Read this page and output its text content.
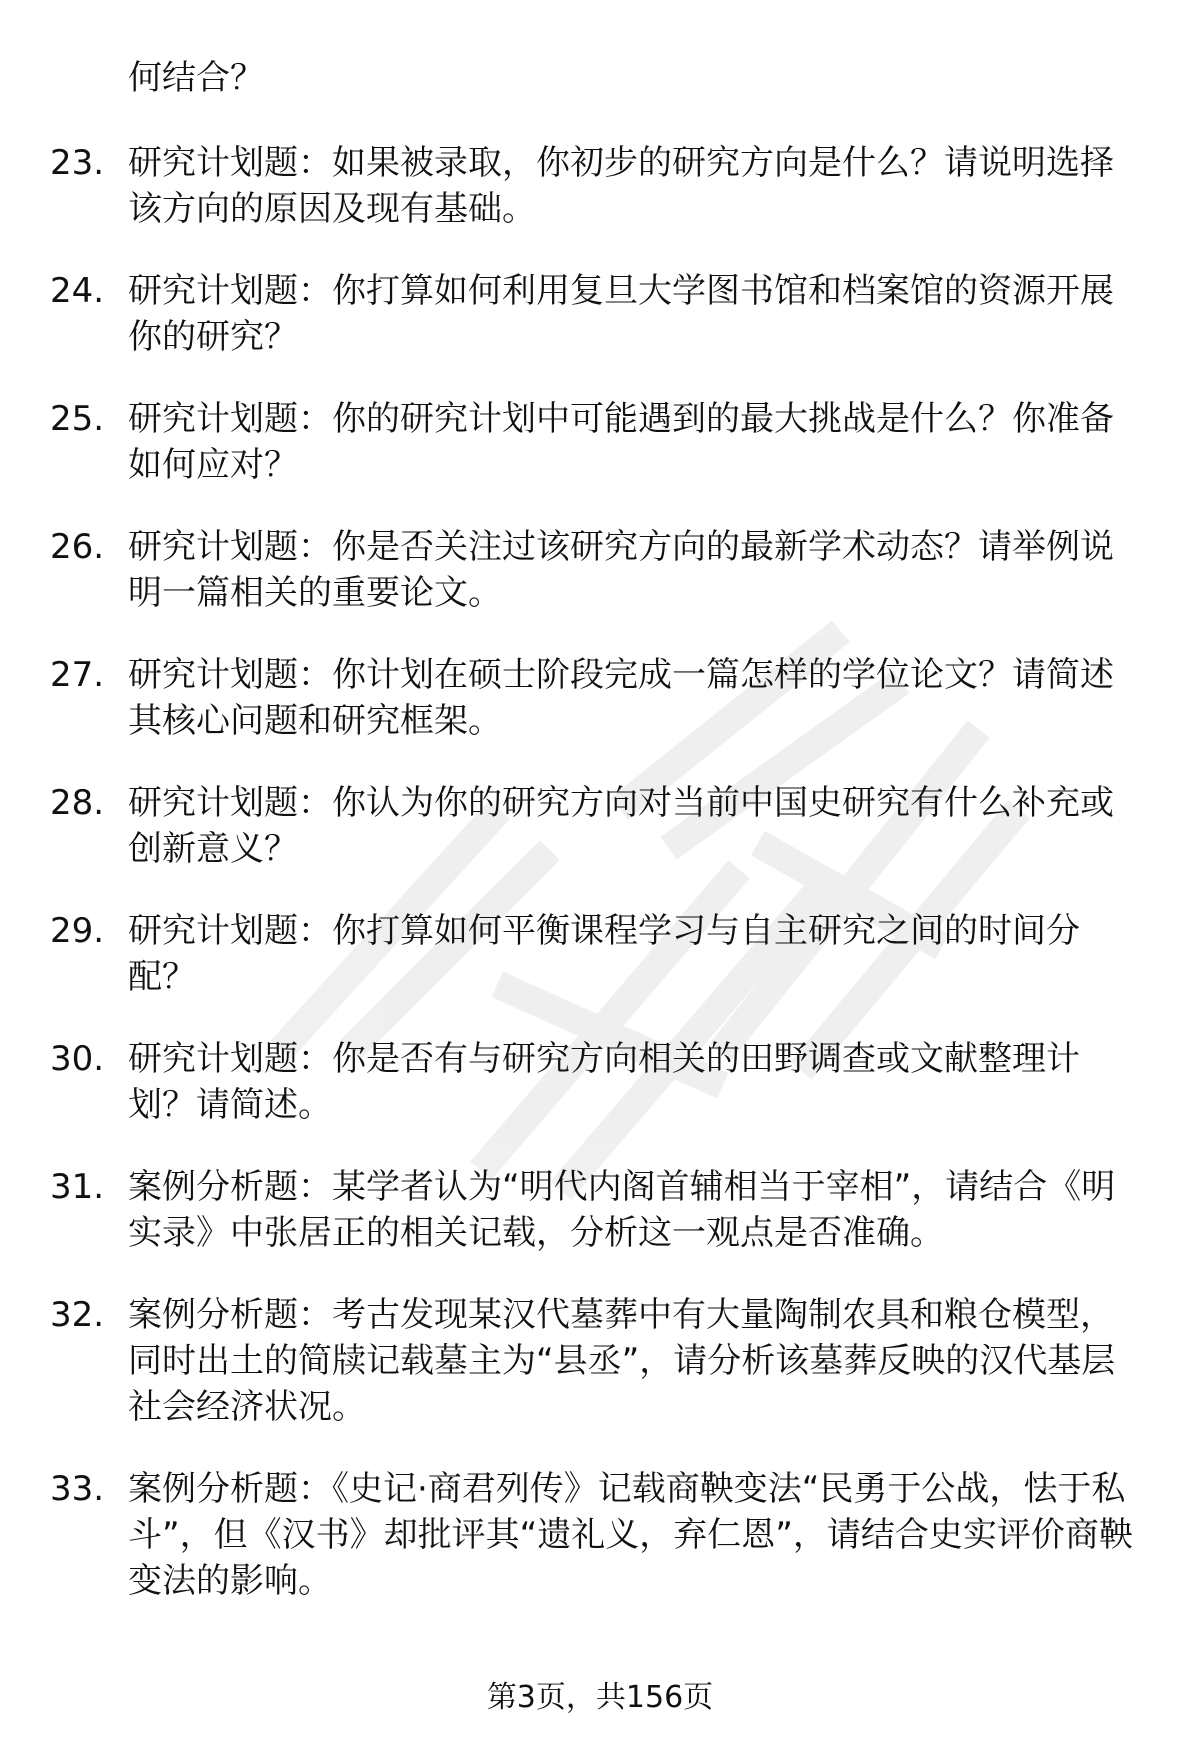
何结合？
23. 研究计划题：如果被录取，你初步的研究方向是什么？请说明选择该方向的原因及现有基础。
24. 研究计划题：你打算如何利用复旦大学图书馆和档案馆的资源开展你的研究？
25. 研究计划题：你的研究计划中可能遇到的最大挑战是什么？你准备如何应对？
26. 研究计划题：你是否关注过该研究方向的最新学术动态？请举例说明一篇相关的重要论文。
27. 研究计划题：你计划在硕士阶段完成一篇怎样的学位论文？请简述其核心问题和研究框架。
28. 研究计划题：你认为你的研究方向对当前中国史研究有什么补充或创新意义？
29. 研究计划题：你打算如何平衡课程学习与自主研究之间的时间分配？
30. 研究计划题：你是否有与研究方向相关的田野调查或文献整理计划？请简述。
31. 案例分析题：某学者认为“明代内阁首辅相当于宰相”，请结合《明实录》中张居正的相关记载，分析这一观点是否准确。
32. 案例分析题：考古发现某汉代墓葬中有大量陶制农具和粮仓模型，同时出土的简牍记载墓主为“县丞”，请分析该墓葬反映的汉代基层社会经济状况。
33. 案例分析题：《史记·商君列传》记载商鞅变法“民勇于公战，怯于私斗”，但《汉书》却批评其“遗礼义，弃仁恩”，请结合史实评价商鞅变法的影响。
第3页，共156页
